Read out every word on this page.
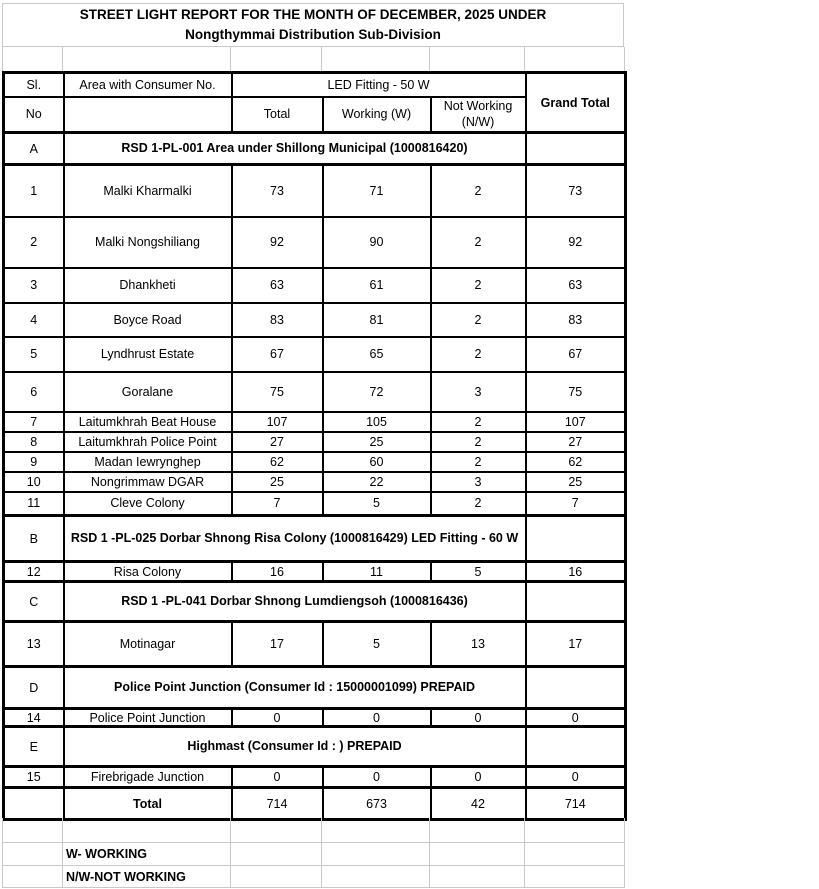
STREET LIGHT REPORT FOR THE MONTH OF DECEMBER, 2025 UNDER
Nongthymmai Distribution Sub-Division
Sl.	Area with Consumer No.	LED Fitting - 50 W			Grand Total
No		Total	Working (W)	Not Working (N/W)	
A	RSD 1-PL-001 Area under Shillong Municipal (1000816420)				
1	Malki Kharmalki	73	71	2	73
2	Malki Nongshiliang	92	90	2	92
3	Dhankheti	63	61	2	63
4	Boyce Road	83	81	2	83
5	Lyndhrust Estate	67	65	2	67
6	Goralane	75	72	3	75
7	Laitumkhrah Beat House	107	105	2	107
8	Laitumkhrah Police Point	27	25	2	27
9	Madan Iewrynghep	62	60	2	62
10	Nongrimmaw DGAR	25	22	3	25
11	Cleve Colony	7	5	2	7
B	RSD 1 -PL-025 Dorbar Shnong Risa Colony (1000816429) LED Fitting - 60 W				
12	Risa Colony	16	11	5	16
C	RSD 1 -PL-041 Dorbar Shnong Lumdiengsoh (1000816436)				
13	Motinagar	17	5	13	17
D	Police Point Junction (Consumer Id : 15000001099) PREPAID				
14	Police Point Junction	0	0	0	0
E	Highmast (Consumer Id : ) PREPAID				
15	Firebrigade Junction	0	0	0	0
	Total	714	673	42	714
W- WORKING
N/W-NOT WORKING
